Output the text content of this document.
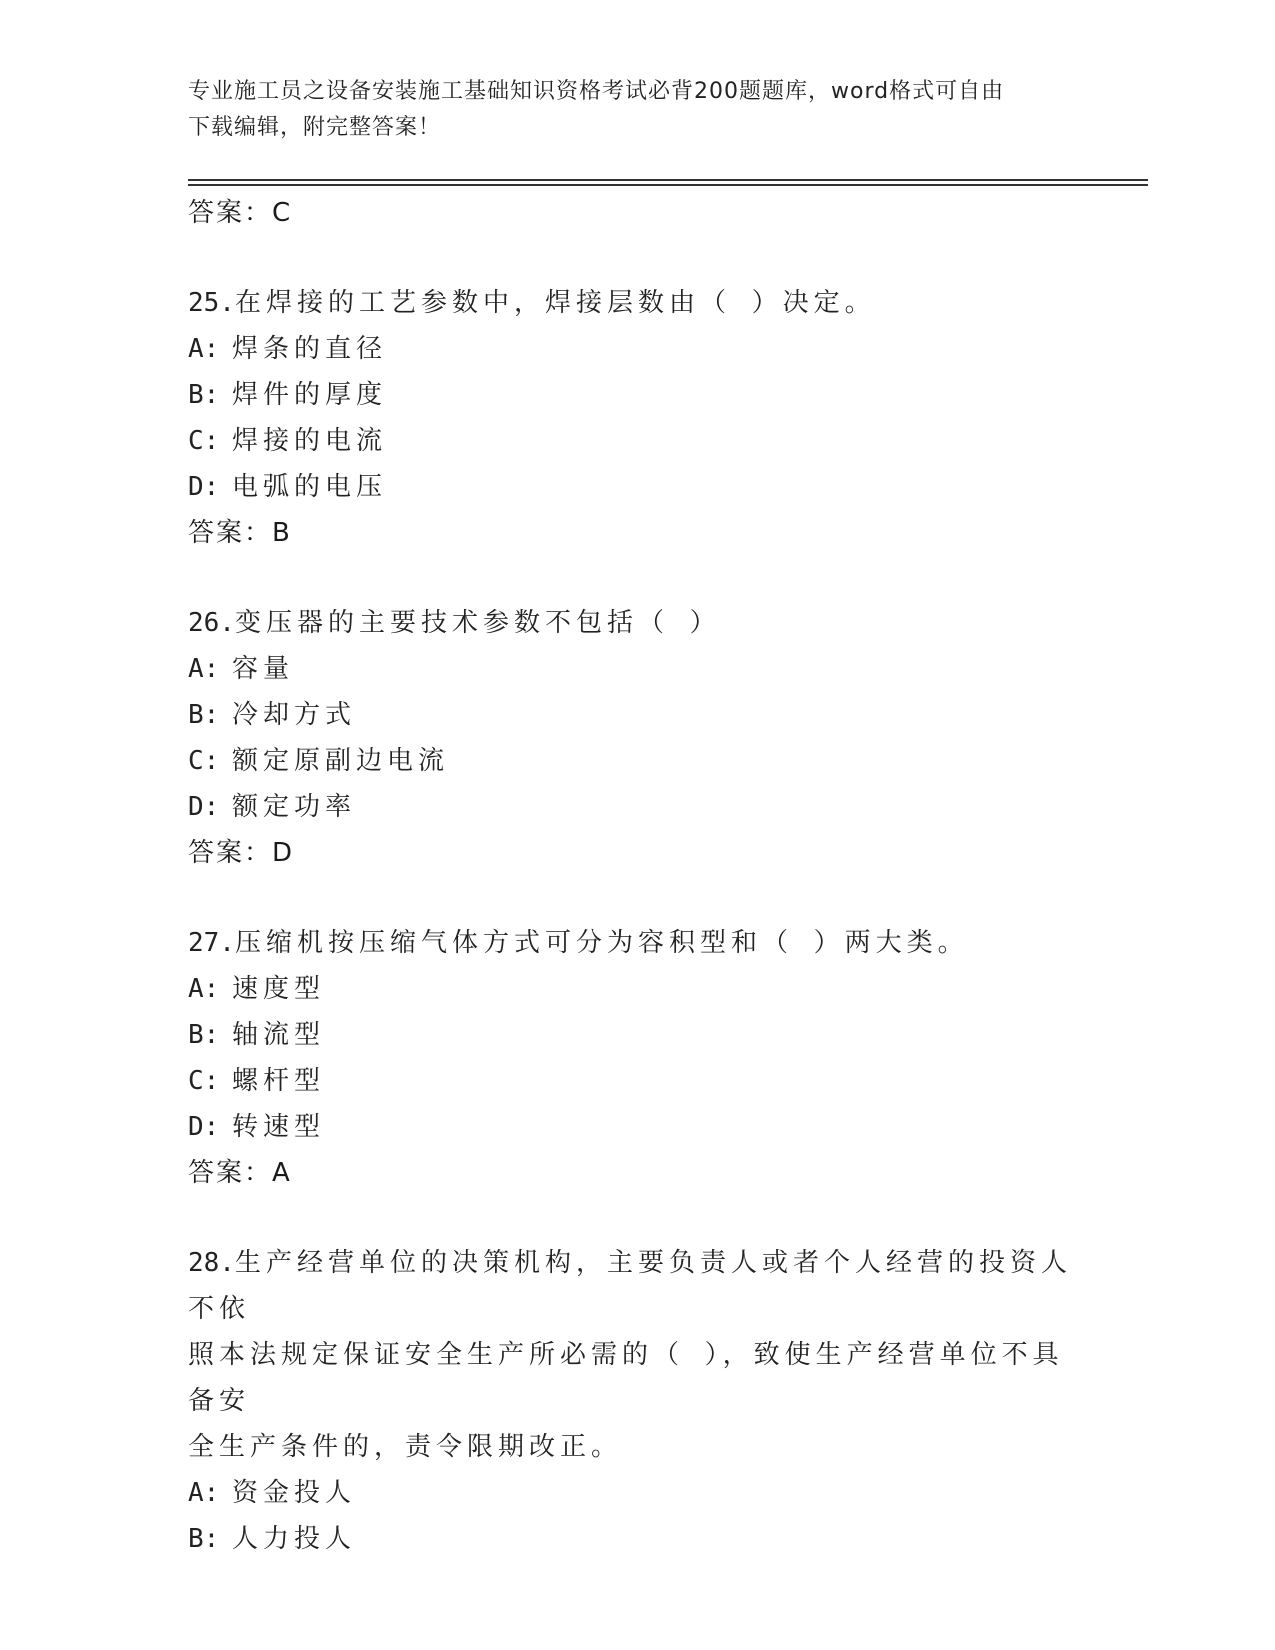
专业施工员之设备安装施工基础知识资格考试必背200题题库，word格式可自由
下载编辑，附完整答案！
答案：C
25.在焊接的工艺参数中，焊接层数由（ ）决定。
A: 焊条的直径
B: 焊件的厚度
C: 焊接的电流
D: 电弧的电压
答案：B
26.变压器的主要技术参数不包括（ ）
A: 容量
B: 冷却方式
C: 额定原副边电流
D: 额定功率
答案：D
27.压缩机按压缩气体方式可分为容积型和（ ）两大类。
A: 速度型
B: 轴流型
C: 螺杆型
D: 转速型
答案：A
28.生产经营单位的决策机构，主要负责人或者个人经营的投资人不依
照本法规定保证安全生产所必需的（ ），致使生产经营单位不具备安
全生产条件的，责令限期改正。
A: 资金投人
B: 人力投人
